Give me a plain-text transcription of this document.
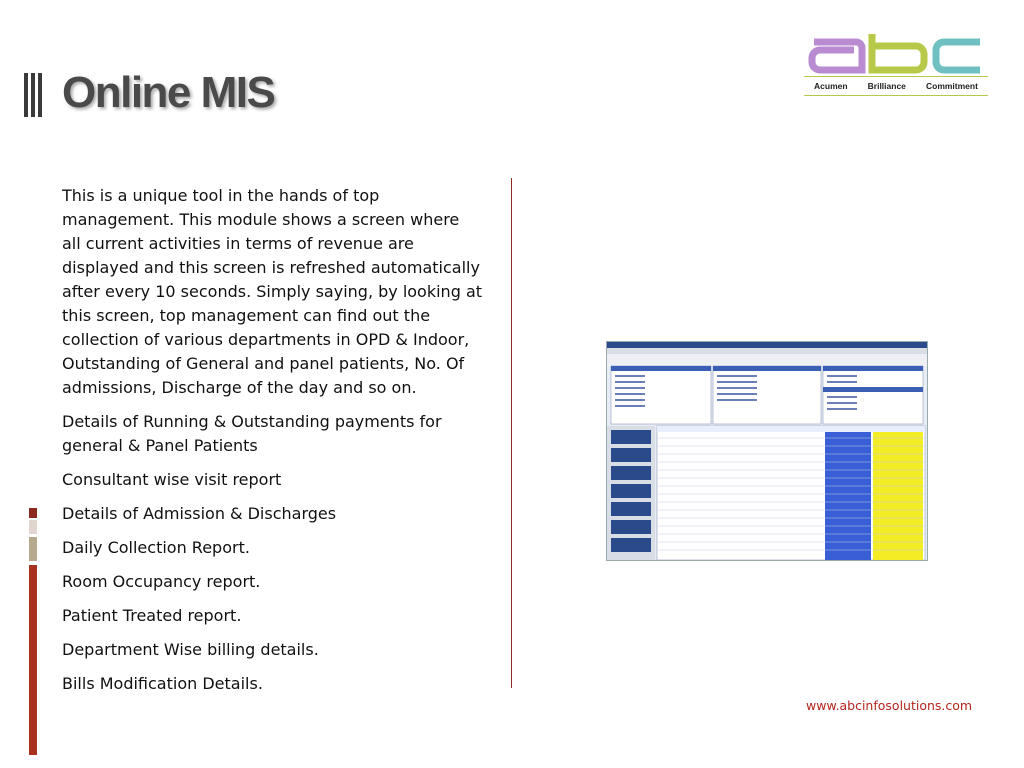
Online MIS	Acumen Brilliance Commitment

This is a unique tool in the hands of top management. This module shows a screen where all current activities in terms of revenue are displayed and this screen is refreshed automatically after every 10 seconds. Simply saying, by looking at this screen, top management can find out the collection of various departments in OPD & Indoor, Outstanding of General and panel patients, No. Of admissions, Discharge of the day and so on.

Details of Running & Outstanding payments for general & Panel Patients

Consultant wise visit report

Details of Admission & Discharges

Daily Collection Report.

Room Occupancy report.

Patient Treated report.

Department Wise billing details.

Bills Modification Details.

www.abcinfosolutions.com
